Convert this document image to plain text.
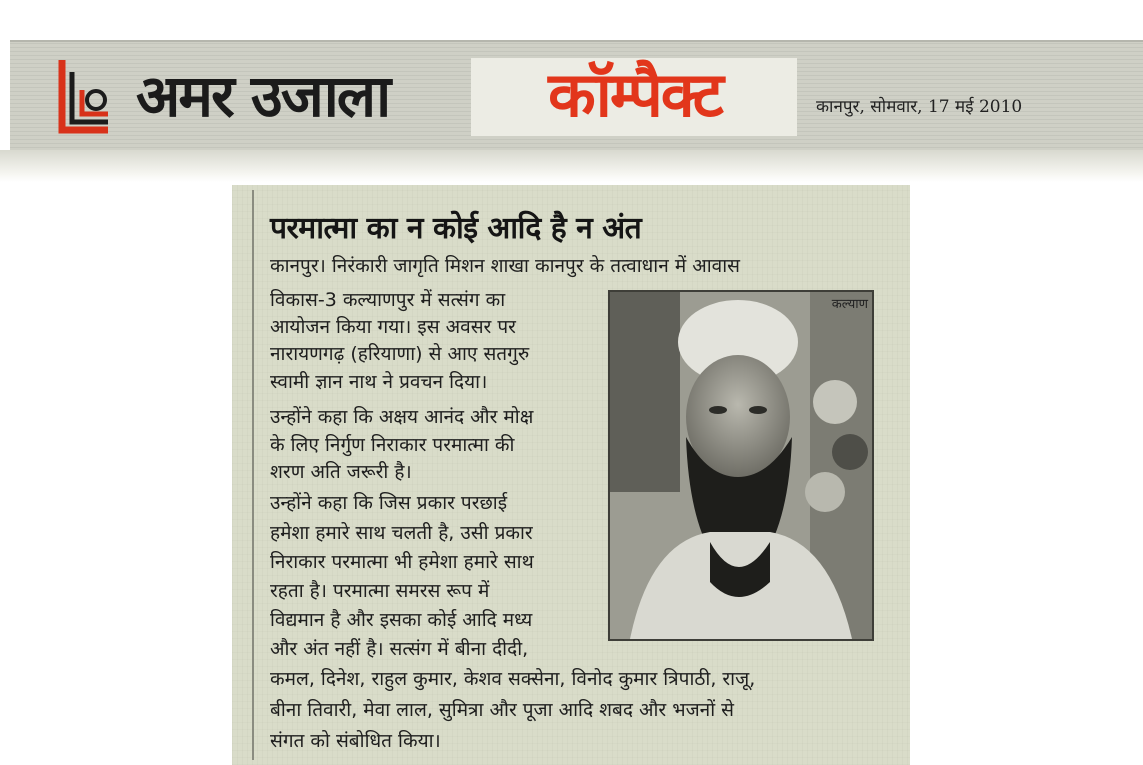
अमर उजाला	कॉम्पैक्ट	कानपुर, सोमवार, 17 मई 2010
परमात्मा का न कोई आदि है न अंत
कानपुर। निरंकारी जागृति मिशन शाखा कानपुर के तत्वाधान में आवास
विकास-3 कल्याणपुर में सत्संग का
आयोजन किया गया। इस अवसर पर
नारायणगढ़ (हरियाणा) से आए सतगुरु
स्वामी ज्ञान नाथ ने प्रवचन दिया।
उन्होंने कहा कि अक्षय आनंद और मोक्ष
के लिए निर्गुण निराकार परमात्मा की
शरण अति जरूरी है।
उन्होंने कहा कि जिस प्रकार परछाई
हमेशा हमारे साथ चलती है, उसी प्रकार
निराकार परमात्मा भी हमेशा हमारे साथ
रहता है। परमात्मा समरस रूप में
विद्यमान है और इसका कोई आदि मध्य
और अंत नहीं है। सत्संग में बीना दीदी,
कमल, दिनेश, राहुल कुमार, केशव सक्सेना, विनोद कुमार त्रिपाठी, राजू,
बीना तिवारी, मेवा लाल, सुमित्रा और पूजा आदि शबद और भजनों से
संगत को संबोधित किया।
कल्याण
